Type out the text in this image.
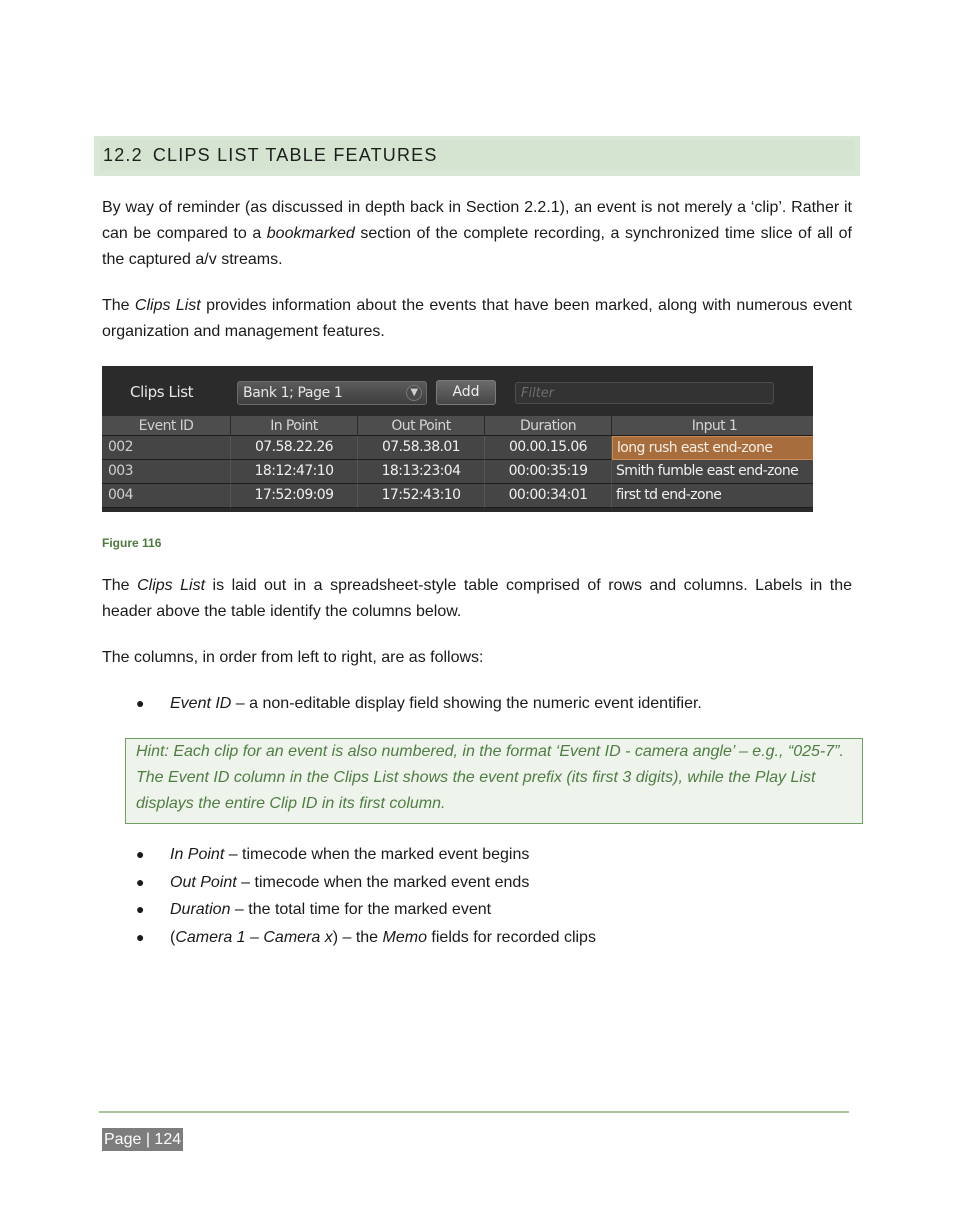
12.2 CLIPS LIST TABLE FEATURES
By way of reminder (as discussed in depth back in Section 2.2.1), an event is not merely a ‘clip’. Rather it can be compared to a bookmarked section of the complete recording, a synchronized time slice of all of the captured a/v streams.
The Clips List provides information about the events that have been marked, along with numerous event organization and management features.
Clips List	Bank 1; Page 1	▼	Add
Filter
Event ID	In Point	Out Point	Duration	Input 1
002	07.58.22.26	07.58.38.01	00.00.15.06	long rush east end-zone
003	18:12:47:10	18:13:23:04	00:00:35:19	Smith fumble east end-zone
004	17:52:09:09	17:52:43:10	00:00:34:01	first td end-zone
Figure 116
The Clips List is laid out in a spreadsheet-style table comprised of rows and columns. Labels in the header above the table identify the columns below.
The columns, in order from left to right, are as follows:
●	Event ID – a non-editable display field showing the numeric event identifier.
Hint: Each clip for an event is also numbered, in the format ‘Event ID - camera angle’ – e.g., “025-7”. The Event ID column in the Clips List shows the event prefix (its first 3 digits), while the Play List displays the entire Clip ID in its first column.
●	In Point – timecode when the marked event begins
●	Out Point – timecode when the marked event ends
●	Duration – the total time for the marked event
●	(Camera 1 – Camera x) – the Memo fields for recorded clips
Page | 124
